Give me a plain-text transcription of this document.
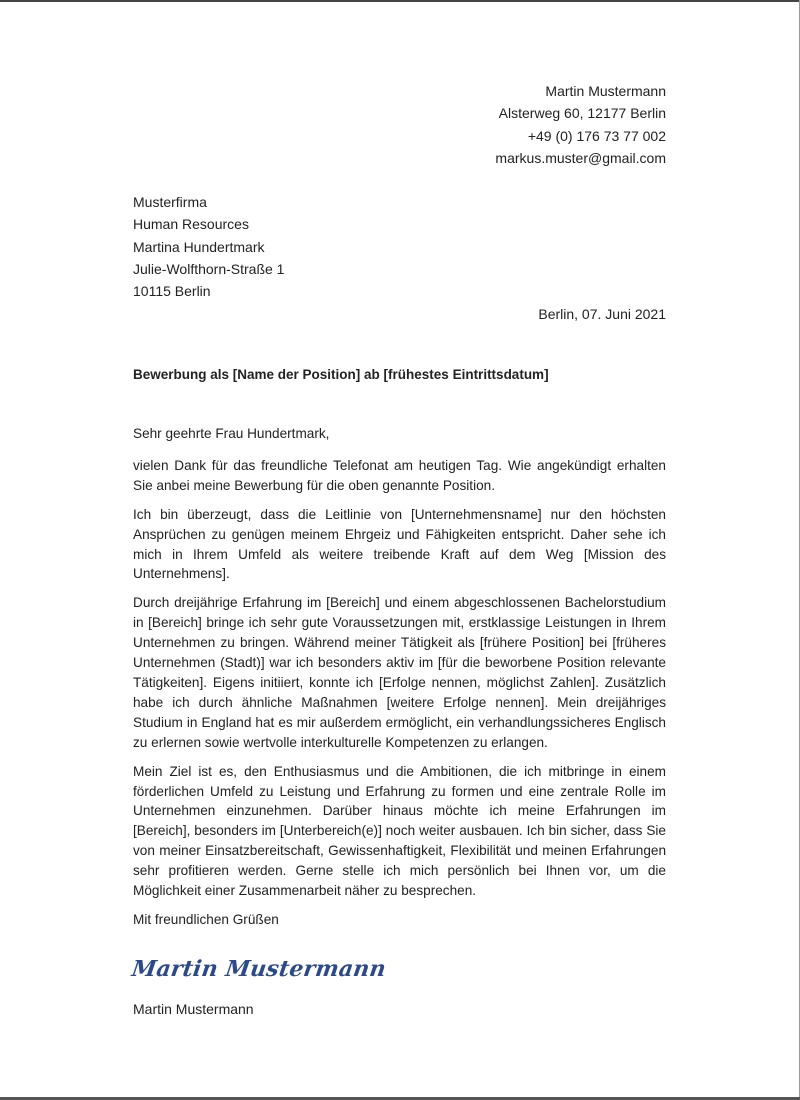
Martin Mustermann
Alsterweg 60, 12177 Berlin
+49 (0) 176 73 77 002
markus.muster@gmail.com
Musterfirma
Human Resources
Martina Hundertmark
Julie-Wolfthorn-Straße 1
10115 Berlin
Berlin, 07. Juni 2021
Bewerbung als [Name der Position] ab [frühestes Eintrittsdatum]

Sehr geehrte Frau Hundertmark,

vielen Dank für das freundliche Telefonat am heutigen Tag. Wie angekündigt erhalten Sie anbei meine Bewerbung für die oben genannte Position.

Ich bin überzeugt, dass die Leitlinie von [Unternehmensname] nur den höchsten Ansprüchen zu genügen meinem Ehrgeiz und Fähigkeiten entspricht. Daher sehe ich mich in Ihrem Umfeld als weitere treibende Kraft auf dem Weg [Mission des Unternehmens].

Durch dreijährige Erfahrung im [Bereich] und einem abgeschlossenen Bachelorstudium in [Bereich] bringe ich sehr gute Voraussetzungen mit, erstklassige Leistungen in Ihrem Unternehmen zu bringen. Während meiner Tätigkeit als [frühere Position] bei [früheres Unternehmen (Stadt)] war ich besonders aktiv im [für die beworbene Position relevante Tätigkeiten]. Eigens initiiert, konnte ich [Erfolge nennen, möglichst Zahlen]. Zusätzlich habe ich durch ähnliche Maßnahmen [weitere Erfolge nennen]. Mein dreijähriges Studium in England hat es mir außerdem ermöglicht, ein verhandlungssicheres Englisch zu erlernen sowie wertvolle interkulturelle Kompetenzen zu erlangen.

Mein Ziel ist es, den Enthusiasmus und die Ambitionen, die ich mitbringe in einem förderlichen Umfeld zu Leistung und Erfahrung zu formen und eine zentrale Rolle im Unternehmen einzunehmen. Darüber hinaus möchte ich meine Erfahrungen im [Bereich], besonders im [Unterbereich(e)] noch weiter ausbauen. Ich bin sicher, dass Sie von meiner Einsatzbereitschaft, Gewissenhaftigkeit, Flexibilität und meinen Erfahrungen sehr profitieren werden. Gerne stelle ich mich persönlich bei Ihnen vor, um die Möglichkeit einer Zusammenarbeit näher zu besprechen.

Mit freundlichen Grüßen

Martin Mustermann
Martin Mustermann
